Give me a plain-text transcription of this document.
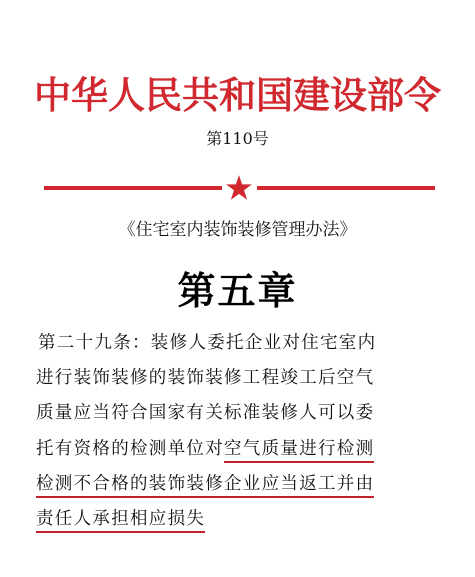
中华人民共和国建设部令
第110号
《住宅室内装饰装修管理办法》
第五章
第二十九条：装修人委托企业对住宅室内
进行装饰装修的装饰装修工程竣工后空气
质量应当符合国家有关标准装修人可以委
托有资格的检测单位对空气质量进行检测
检测不合格的装饰装修企业应当返工并由
责任人承担相应损失
